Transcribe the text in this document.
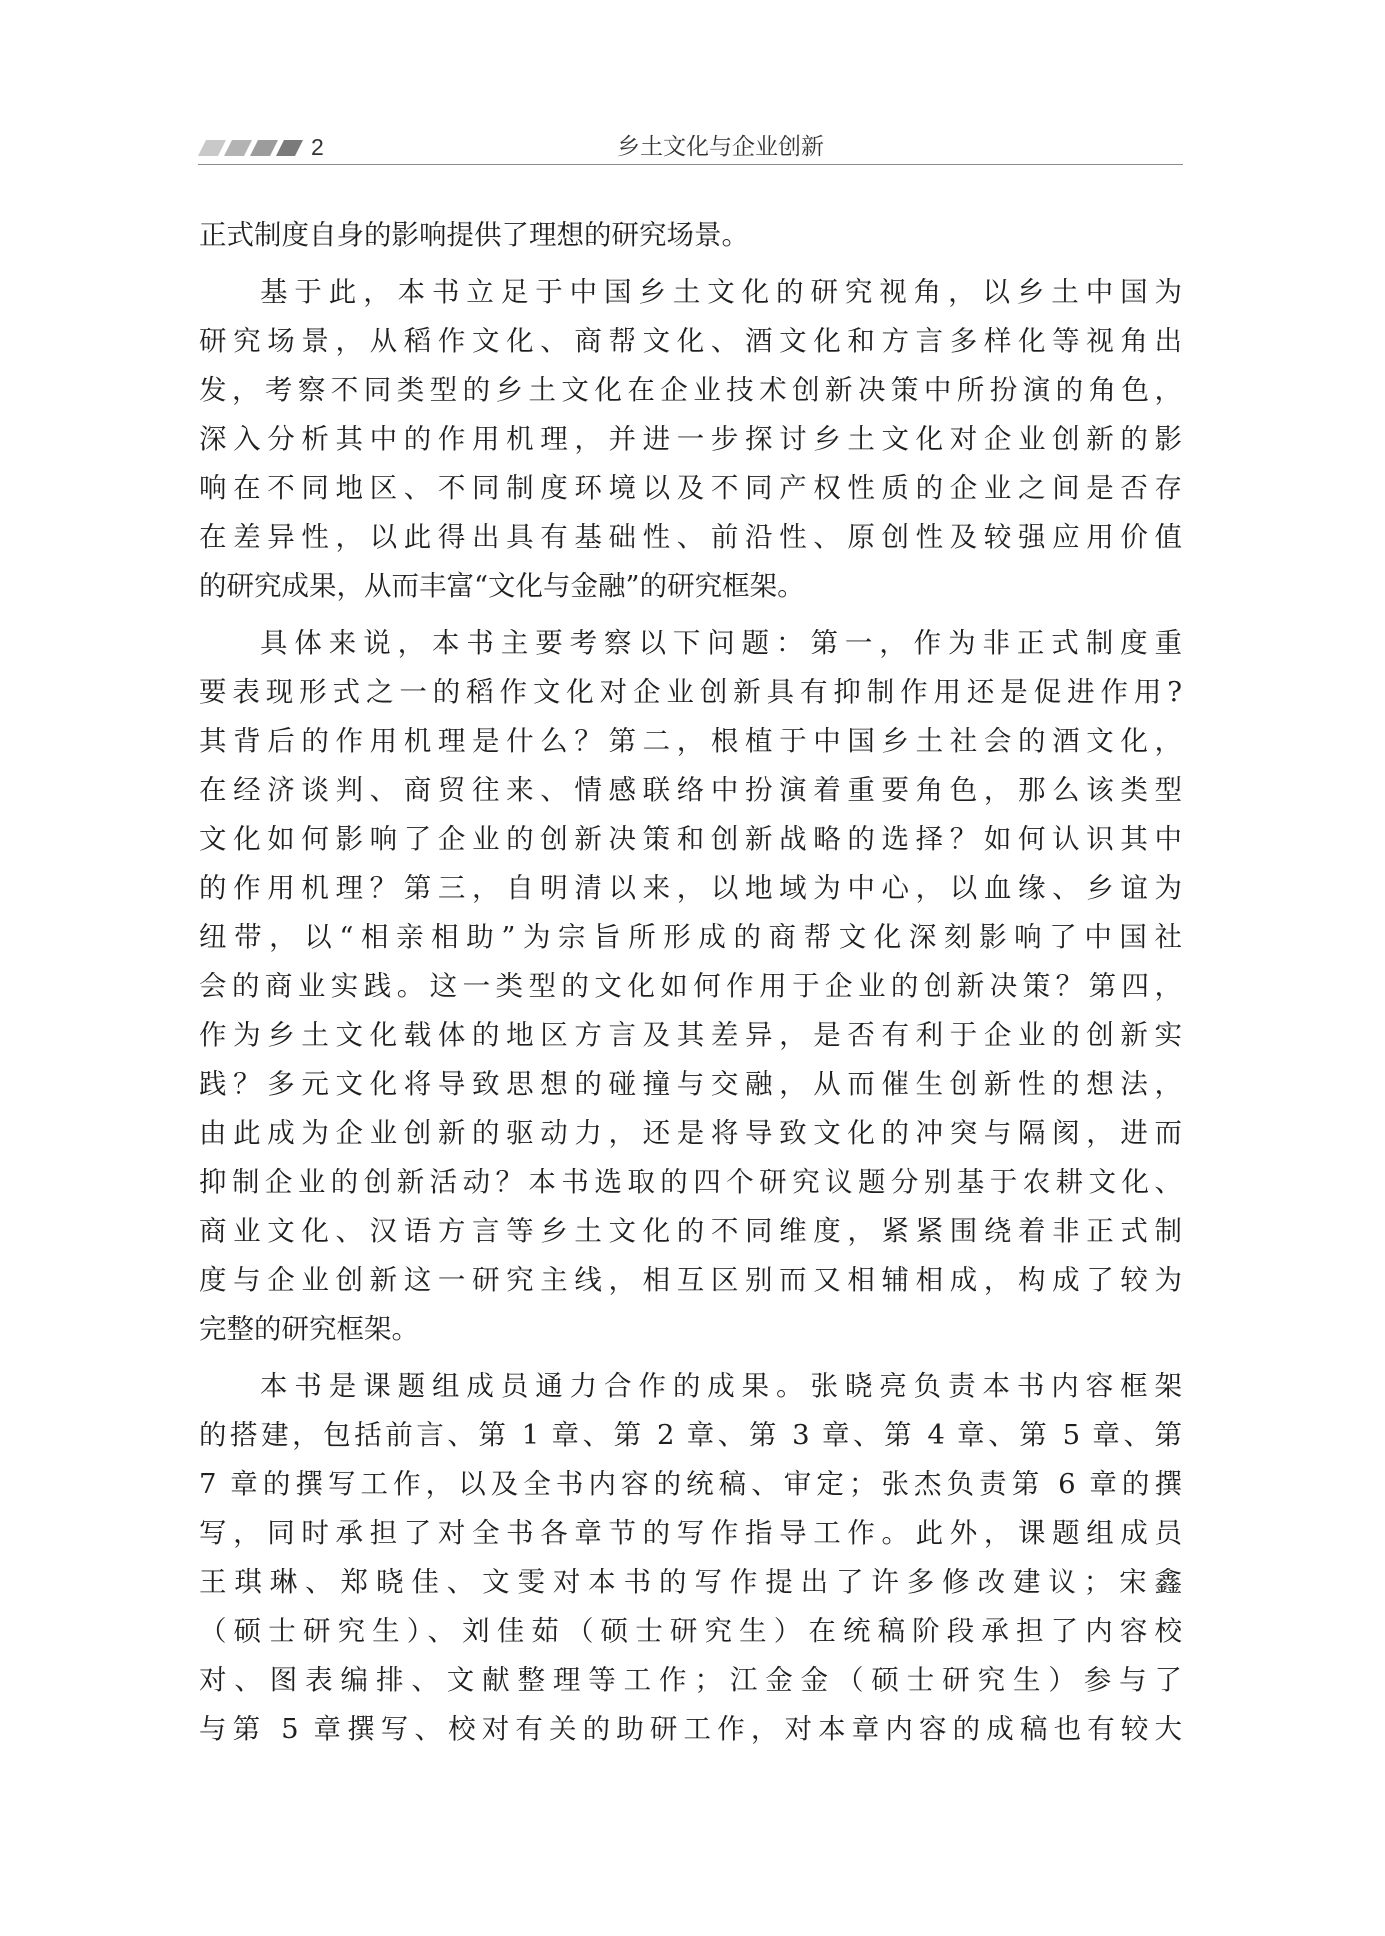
2	乡土文化与企业创新
正式制度自身的影响提供了理想的研究场景。
基于此，本书立足于中国乡土文化的研究视角，以乡土中国为
研究场景，从稻作文化、商帮文化、酒文化和方言多样化等视角出
发，考察不同类型的乡土文化在企业技术创新决策中所扮演的角色，
深入分析其中的作用机理，并进一步探讨乡土文化对企业创新的影
响在不同地区、不同制度环境以及不同产权性质的企业之间是否存
在差异性，以此得出具有基础性、前沿性、原创性及较强应用价值
的研究成果，从而丰富“文化与金融”的研究框架。
具体来说，本书主要考察以下问题：第一，作为非正式制度重
要表现形式之一的稻作文化对企业创新具有抑制作用还是促进作用?
其背后的作用机理是什么？第二，根植于中国乡土社会的酒文化，
在经济谈判、商贸往来、情感联络中扮演着重要角色，那么该类型
文化如何影响了企业的创新决策和创新战略的选择？如何认识其中
的作用机理？第三，自明清以来，以地域为中心，以血缘、乡谊为
纽带，以“相亲相助”为宗旨所形成的商帮文化深刻影响了中国社
会的商业实践。这一类型的文化如何作用于企业的创新决策？第四，
作为乡土文化载体的地区方言及其差异，是否有利于企业的创新实
践？多元文化将导致思想的碰撞与交融，从而催生创新性的想法，
由此成为企业创新的驱动力，还是将导致文化的冲突与隔阂，进而
抑制企业的创新活动？本书选取的四个研究议题分别基于农耕文化、
商业文化、汉语方言等乡土文化的不同维度，紧紧围绕着非正式制
度与企业创新这一研究主线，相互区别而又相辅相成，构成了较为
完整的研究框架。
本书是课题组成员通力合作的成果。张晓亮负责本书内容框架
的搭建，包括前言、第 1 章、第 2 章、第 3 章、第 4 章、第 5 章、第
7 章的撰写工作，以及全书内容的统稿、审定；张杰负责第 6 章的撰
写，同时承担了对全书各章节的写作指导工作。此外，课题组成员
王琪琳、郑晓佳、文雯对本书的写作提出了许多修改建议；宋鑫
（硕士研究生）、刘佳茹（硕士研究生）在统稿阶段承担了内容校
对、图表编排、文献整理等工作；江金金（硕士研究生）参与了
与第 5 章撰写、校对有关的助研工作，对本章内容的成稿也有较大
